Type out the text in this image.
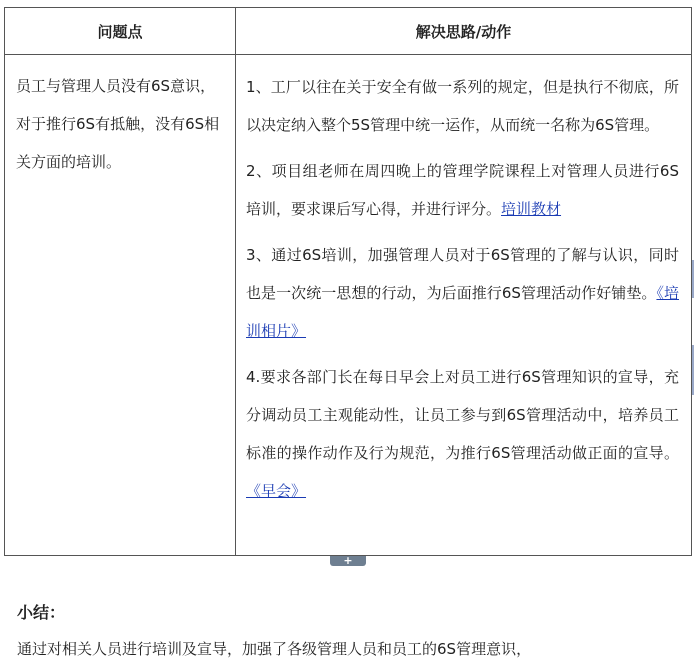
问题点	解决思路/动作
员工与管理人员没有6S意识，对于推行6S有抵触，没有6S相关方面的培训。

1、工厂以往在关于安全有做一系列的规定，但是执行不彻底，所以决定纳入整个5S管理中统一运作，从而统一名称为6S管理。

2、项目组老师在周四晚上的管理学院课程上对管理人员进行6S培训，要求课后写心得，并进行评分。培训教材

3、通过6S培训，加强管理人员对于6S管理的了解与认识，同时也是一次统一思想的行动，为后面推行6S管理活动作好铺垫。《培训相片》

4.要求各部门长在每日早会上对员工进行6S管理知识的宣导，充分调动员工主观能动性，让员工参与到6S管理活动中，培养员工标准的操作动作及行为规范，为推行6S管理活动做正面的宣导。《早会》

+
小结：

通过对相关人员进行培训及宣导，加强了各级管理人员和员工的6S管理意识，
